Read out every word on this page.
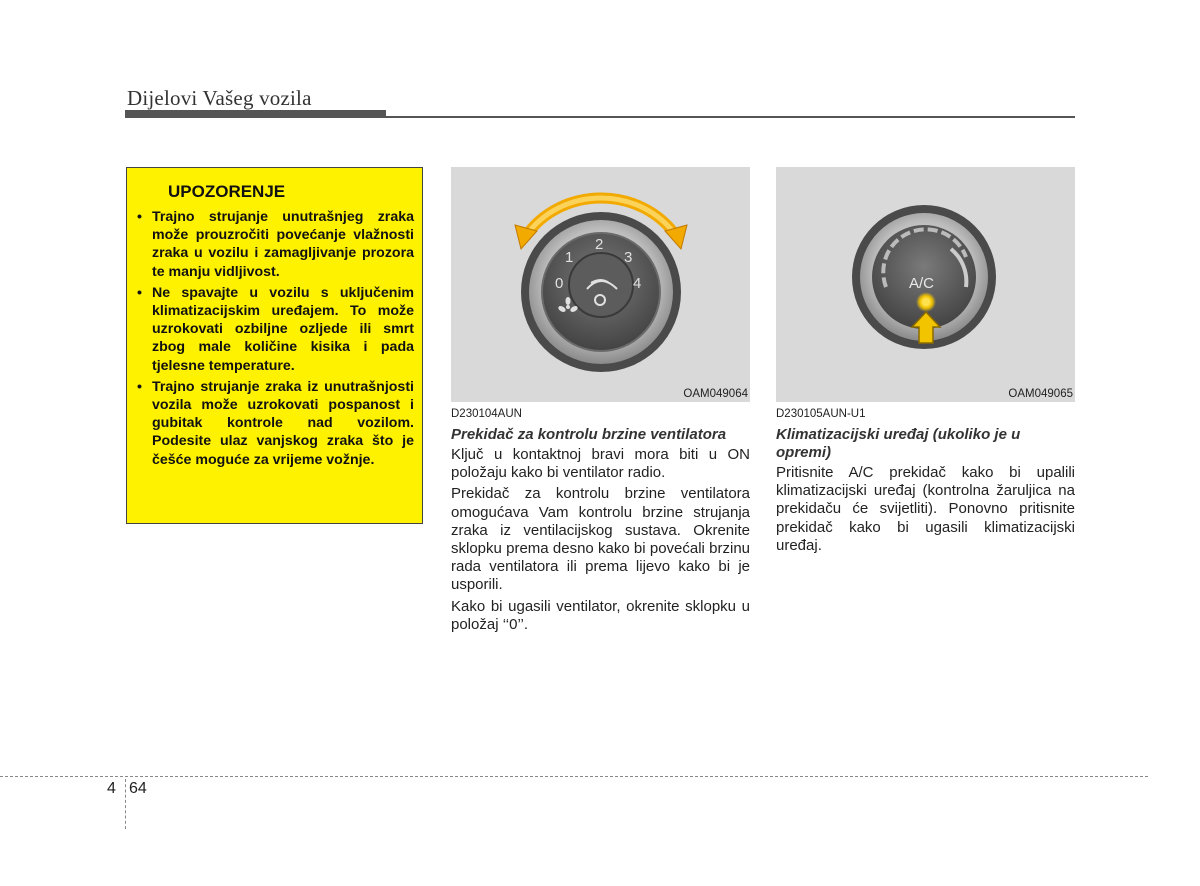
Dijelovi Vašeg vozila
UPOZORENJE
• Trajno strujanje unutrašnjeg zraka može prouzročiti povećanje vlažnosti zraka u vozilu i zamagljivanje prozora te manju vidljivost.
• Ne spavajte u vozilu s uključenim klimatizacijskim uređajem. To može uzrokovati ozbiljne ozljede ili smrt zbog male količine kisika i pada tjelesne temperature.
• Trajno strujanje zraka iz unutrašnjosti vozila može uzrokovati pospanost i gubitak kontrole nad vozilom. Podesite ulaz vanjskog zraka što je češće moguće za vrijeme vožnje.
0
1
2
3
4
OAM049064
A/C
OAM049065

D230104AUN

Prekidač za kontrolu brzine ventilatora

Ključ u kontaktnoj bravi mora biti u ON položaju kako bi ventilator radio.

Prekidač za kontrolu brzine ventilatora omogućava Vam kontrolu brzine strujanja zraka iz ventilacijskog sustava. Okrenite sklopku prema desno kako bi povećali brzinu rada ventilatora ili prema lijevo kako bi je usporili.

Kako bi ugasili ventilator, okrenite sklopku u položaj ‘‘0’’.

D230105AUN-U1

Klimatizacijski uređaj (ukoliko je u opremi)

Pritisnite A/C prekidač kako bi upalili klimatizacijski uređaj (kontrolna žaruljica na prekidaču će svijetliti). Ponovno pritisnite prekidač kako bi ugasili klimatizacijski uređaj.

4 64
